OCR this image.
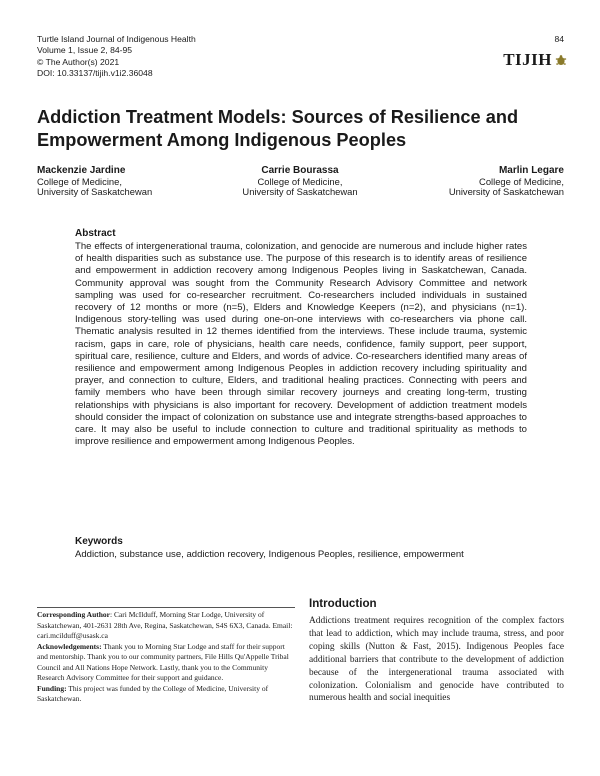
Turtle Island Journal of Indigenous Health
Volume 1, Issue 2, 84-95
© The Author(s) 2021
DOI: 10.33137/tijih.v1i2.36048
84
TIJIH
Addiction Treatment Models: Sources of Resilience and Empowerment Among Indigenous Peoples
Mackenzie Jardine
College of Medicine,
University of Saskatchewan
Carrie Bourassa
College of Medicine,
University of Saskatchewan
Marlin Legare
College of Medicine,
University of Saskatchewan
Abstract

The effects of intergenerational trauma, colonization, and genocide are numerous and include higher rates of health disparities such as substance use. The purpose of this research is to identify areas of resilience and empowerment in addiction recovery among Indigenous Peoples living in Saskatchewan, Canada. Community approval was sought from the Community Research Advisory Committee and network sampling was used for co-researcher recruitment. Co-researchers included individuals in sustained recovery of 12 months or more (n=5), Elders and Knowledge Keepers (n=2), and physicians (n=1). Indigenous story-telling was used during one-on-one interviews with co-researchers via phone call. Thematic analysis resulted in 12 themes identified from the interviews. These include trauma, systemic racism, gaps in care, role of physicians, health care needs, confidence, family support, peer support, spiritual care, resilience, culture and Elders, and words of advice. Co-researchers identified many areas of resilience and empowerment among Indigenous Peoples in addiction recovery including spirituality and prayer, and connection to culture, Elders, and traditional healing practices. Connecting with peers and family members who have been through similar recovery journeys and creating long-term, trusting relationships with physicians is also important for recovery. Development of addiction treatment models should consider the impact of colonization on substance use and integrate strengths-based approaches to care. It may also be useful to include connection to culture and traditional spirituality as methods to improve resilience and empowerment among Indigenous Peoples.

Keywords

Addiction, substance use, addiction recovery, Indigenous Peoples, resilience, empowerment

Corresponding Author: Cari McIlduff, Morning Star Lodge, University of Saskatchewan, 401-2631 28th Ave, Regina, Saskatchewan, S4S 6X3, Canada. Email: cari.mcilduff@usask.ca

Acknowledgements: Thank you to Morning Star Lodge and staff for their support and mentorship. Thank you to our community partners, File Hills Qu'Appelle Tribal Council and All Nations Hope Network. Lastly, thank you to the Community Research Advisory Committee for their support and guidance.

Funding: This project was funded by the College of Medicine, University of Saskatchewan.

Introduction

Addictions treatment requires recognition of the complex factors that lead to addiction, which may include trauma, stress, and poor coping skills (Nutton & Fast, 2015). Indigenous Peoples face additional barriers that contribute to the development of addiction because of the intergenerational trauma associated with colonization. Colonialism and genocide have contributed to numerous health and social inequities
